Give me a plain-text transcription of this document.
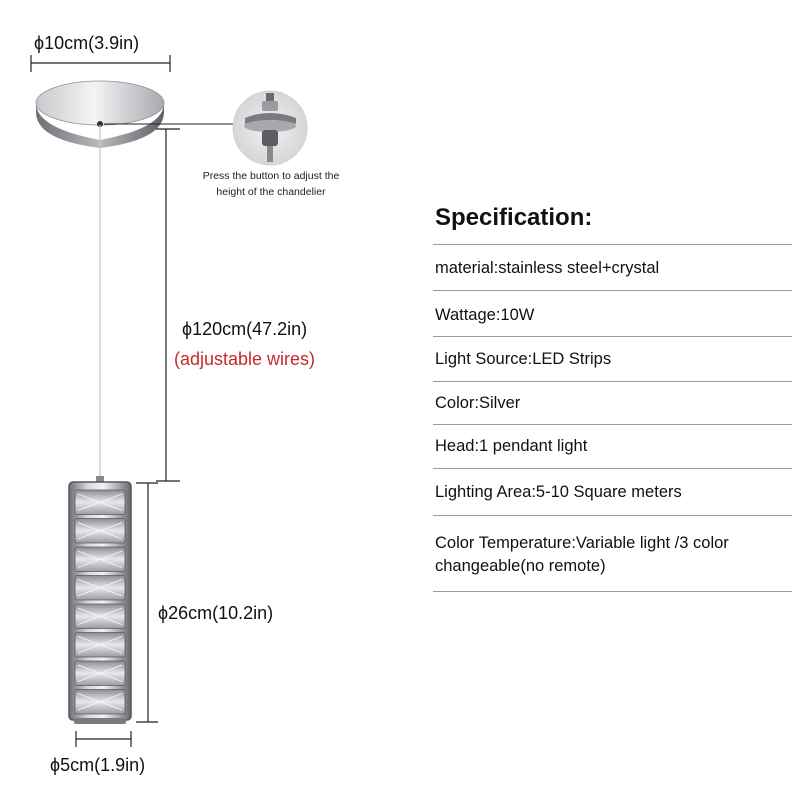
ϕ10cm(3.9in)
Press the button to adjust the
height of the chandelier
ϕ120cm(47.2in)
(adjustable wires)
ϕ26cm(10.2in)
ϕ5cm(1.9in)
Specification:
material:stainless steel+crystal
Wattage:10W
Light Source:LED Strips
Color:Silver
Head:1 pendant light
Lighting Area:5-10 Square meters
Color Temperature:Variable light /3 color
changeable(no remote)
